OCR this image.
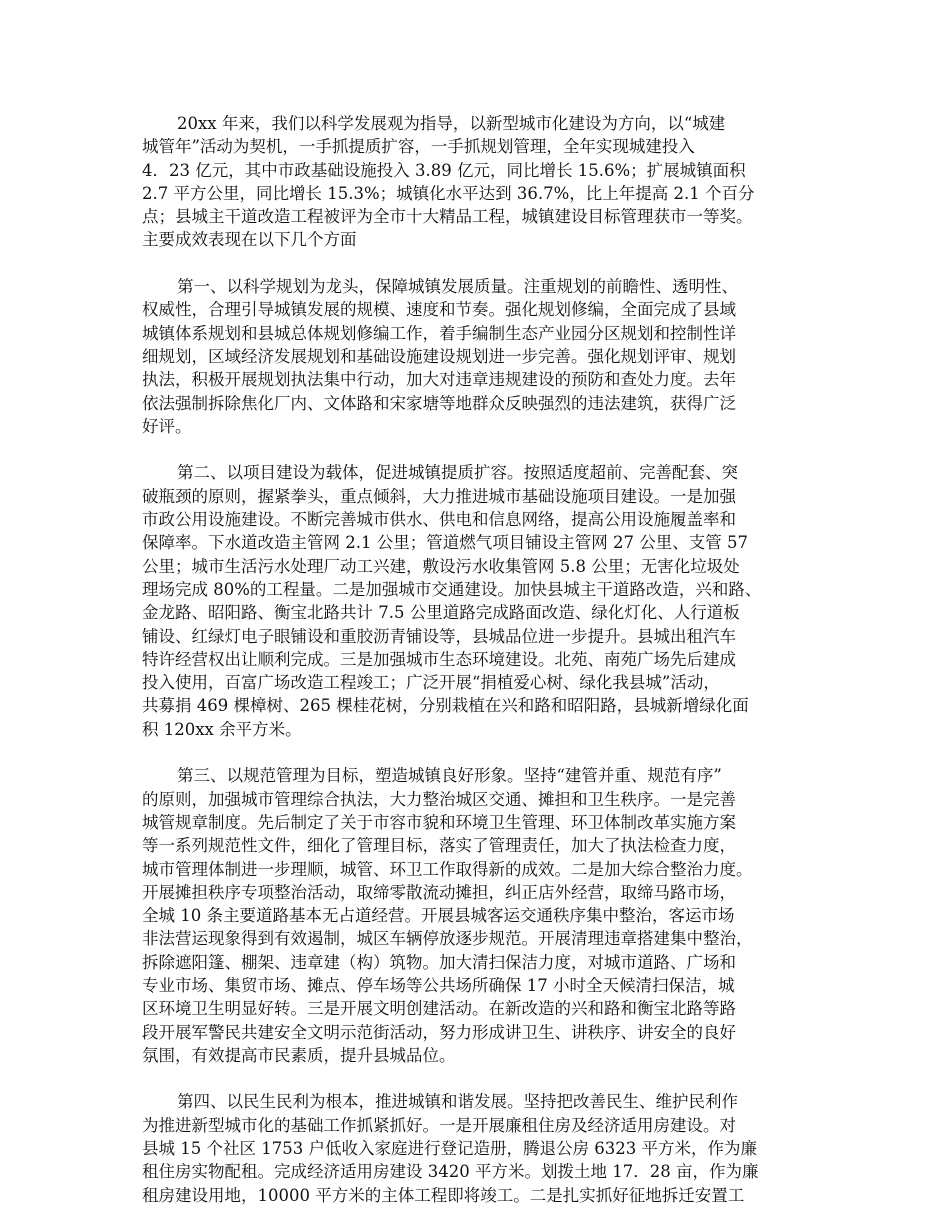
20xx 年来，我们以科学发展观为指导，以新型城市化建设为方向，以“城建
城管年”活动为契机，一手抓提质扩容，一手抓规划管理，全年实现城建投入
4．23 亿元，其中市政基础设施投入 3.89 亿元，同比增长 15.6%；扩展城镇面积
2.7 平方公里，同比增长 15.3%；城镇化水平达到 36.7%，比上年提高 2.1 个百分
点；县城主干道改造工程被评为全市十大精品工程，城镇建设目标管理获市一等奖。
主要成效表现在以下几个方面
第一、以科学规划为龙头，保障城镇发展质量。注重规划的前瞻性、透明性、
权威性，合理引导城镇发展的规模、速度和节奏。强化规划修编，全面完成了县域
城镇体系规划和县城总体规划修编工作，着手编制生态产业园分区规划和控制性详
细规划，区域经济发展规划和基础设施建设规划进一步完善。强化规划评审、规划
执法，积极开展规划执法集中行动，加大对违章违规建设的预防和查处力度。去年
依法强制拆除焦化厂内、文体路和宋家塘等地群众反映强烈的违法建筑，获得广泛
好评。
第二、以项目建设为载体，促进城镇提质扩容。按照适度超前、完善配套、突
破瓶颈的原则，握紧拳头，重点倾斜，大力推进城市基础设施项目建设。一是加强
市政公用设施建设。不断完善城市供水、供电和信息网络，提高公用设施履盖率和
保障率。下水道改造主管网 2.1 公里；管道燃气项目铺设主管网 27 公里、支管 57
公里；城市生活污水处理厂动工兴建，敷设污水收集管网 5.8 公里；无害化垃圾处
理场完成 80%的工程量。二是加强城市交通建设。加快县城主干道路改造，兴和路、
金龙路、昭阳路、衡宝北路共计 7.5 公里道路完成路面改造、绿化灯化、人行道板
铺设、红绿灯电子眼铺设和重胶沥青铺设等，县城品位进一步提升。县城出租汽车
特许经营权出让顺利完成。三是加强城市生态环境建设。北苑、南苑广场先后建成
投入使用，百富广场改造工程竣工；广泛开展“捐植爱心树、绿化我县城”活动，
共募捐 469 棵樟树、265 棵桂花树，分别栽植在兴和路和昭阳路，县城新增绿化面
积 120xx 余平方米。
第三、以规范管理为目标，塑造城镇良好形象。坚持“建管并重、规范有序”
的原则，加强城市管理综合执法，大力整治城区交通、摊担和卫生秩序。一是完善
城管规章制度。先后制定了关于市容市貌和环境卫生管理、环卫体制改革实施方案
等一系列规范性文件，细化了管理目标，落实了管理责任，加大了执法检查力度，
城市管理体制进一步理顺，城管、环卫工作取得新的成效。二是加大综合整治力度。
开展摊担秩序专项整治活动，取缔零散流动摊担，纠正店外经营，取缔马路市场，
全城 10 条主要道路基本无占道经营。开展县城客运交通秩序集中整治，客运市场
非法营运现象得到有效遏制，城区车辆停放逐步规范。开展清理违章搭建集中整治，
拆除遮阳篷、棚架、违章建（构）筑物。加大清扫保洁力度，对城市道路、广场和
专业市场、集贸市场、摊点、停车场等公共场所确保 17 小时全天候清扫保洁，城
区环境卫生明显好转。三是开展文明创建活动。在新改造的兴和路和衡宝北路等路
段开展军警民共建安全文明示范街活动，努力形成讲卫生、讲秩序、讲安全的良好
氛围，有效提高市民素质，提升县城品位。
第四、以民生民利为根本，推进城镇和谐发展。坚持把改善民生、维护民利作
为推进新型城市化的基础工作抓紧抓好。一是开展廉租住房及经济适用房建设。对
县城 15 个社区 1753 户低收入家庭进行登记造册，腾退公房 6323 平方米，作为廉
租住房实物配租。完成经济适用房建设 3420 平方米。划拨土地 17．28 亩，作为廉
租房建设用地，10000 平方米的主体工程即将竣工。二是扎实抓好征地拆迁安置工
